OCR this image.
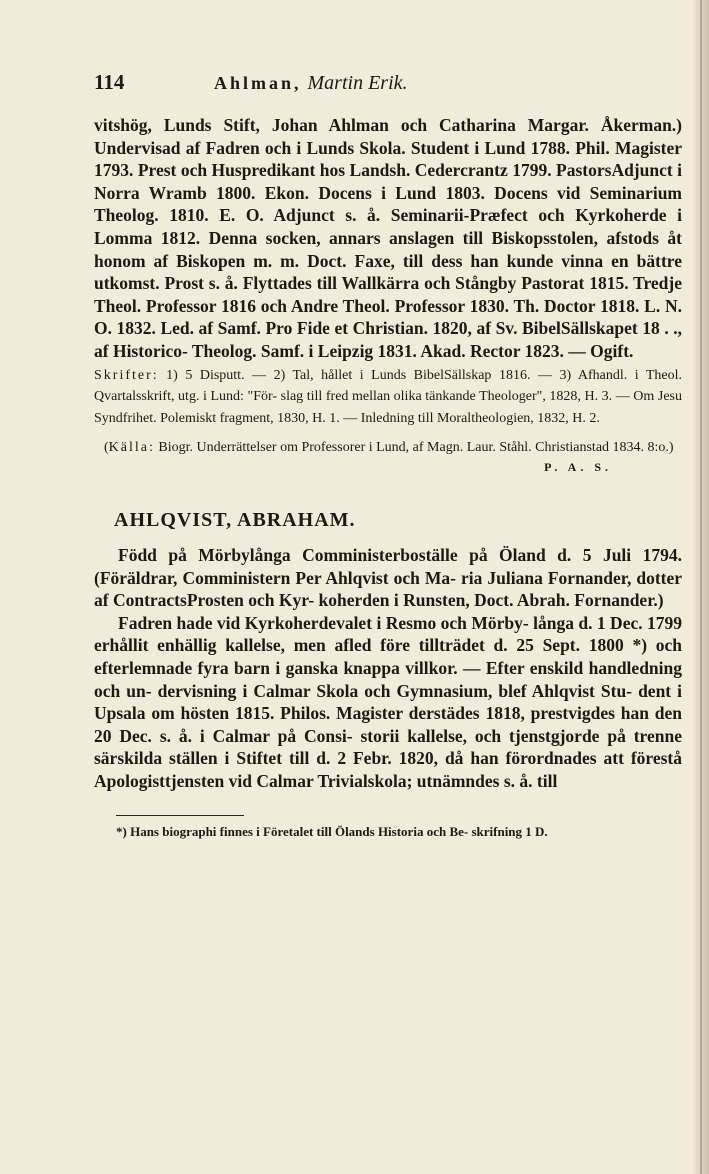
114	Ahlman, Martin Erik.
vitshög, Lunds Stift, Johan Ahlman och Catharina Margar. Åkerman.) Undervisad af Fadren och i Lunds Skola. Student i Lund 1788. Phil. Magister 1793. Prest och Huspredikant hos Landsh. Cedercrantz 1799. PastorsAdjunct i Norra Wramb 1800. Ekon. Docens i Lund 1803. Docens vid Seminarium Theolog. 1810. E. O. Adjunct s. å. Seminarii-Præfect och Kyrkoherde i Lomma 1812. Denna socken, annars anslagen till Biskopsstolen, afstods åt honom af Biskopen m. m. Doct. Faxe, till dess han kunde vinna en bättre utkomst. Prost s. å. Flyttades till Wallkärra och Stångby Pastorat 1815. Tredje Theol. Professor 1816 och Andre Theol. Professor 1830. Th. Doctor 1818. L. N. O. 1832. Led. af Samf. Pro Fide et Christian. 1820, af Sv. BibelSällskapet 18 . ., af Historico- Theolog. Samf. i Leipzig 1831. Akad. Rector 1823. — Ogift.
Skrifter: 1) 5 Disputt. — 2) Tal, hållet i Lunds BibelSällskap 1816. — 3) Afhandl. i Theol. Qvartalsskrift, utg. i Lund: "För- slag till fred mellan olika tänkande Theologer", 1828, H. 3. — Om Jesu Syndfrihet. Polemiskt fragment, 1830, H. 1. — Inledning till Moraltheologien, 1832, H. 2.
(Källa: Biogr. Underrättelser om Professorer i Lund, af Magn. Laur. Ståhl. Christianstad 1834. 8:o.)
P. A. S.
AHLQVIST, ABRAHAM.

Född på Mörbylånga Comministerboställe på Öland d. 5 Juli 1794. (Föräldrar, Comministern Per Ahlqvist och Ma- ria Juliana Fornander, dotter af ContractsProsten och Kyr- koherden i Runsten, Doct. Abrah. Fornander.)

Fadren hade vid Kyrkoherdevalet i Resmo och Mörby- långa d. 1 Dec. 1799 erhållit enhällig kallelse, men afled före tillträdet d. 25 Sept. 1800 *) och efterlemnade fyra barn i ganska knappa villkor. — Efter enskild handledning och un- dervisning i Calmar Skola och Gymnasium, blef Ahlqvist Stu- dent i Upsala om hösten 1815. Philos. Magister derstädes 1818, prestvigdes han den 20 Dec. s. å. i Calmar på Consi- storii kallelse, och tjenstgjorde på trenne särskilda ställen i Stiftet till d. 2 Febr. 1820, då han förordnades att förestå Apologisttjensten vid Calmar Trivialskola; utnämndes s. å. till

*) Hans biographi finnes i Företalet till Ölands Historia och Be- skrifning 1 D.
